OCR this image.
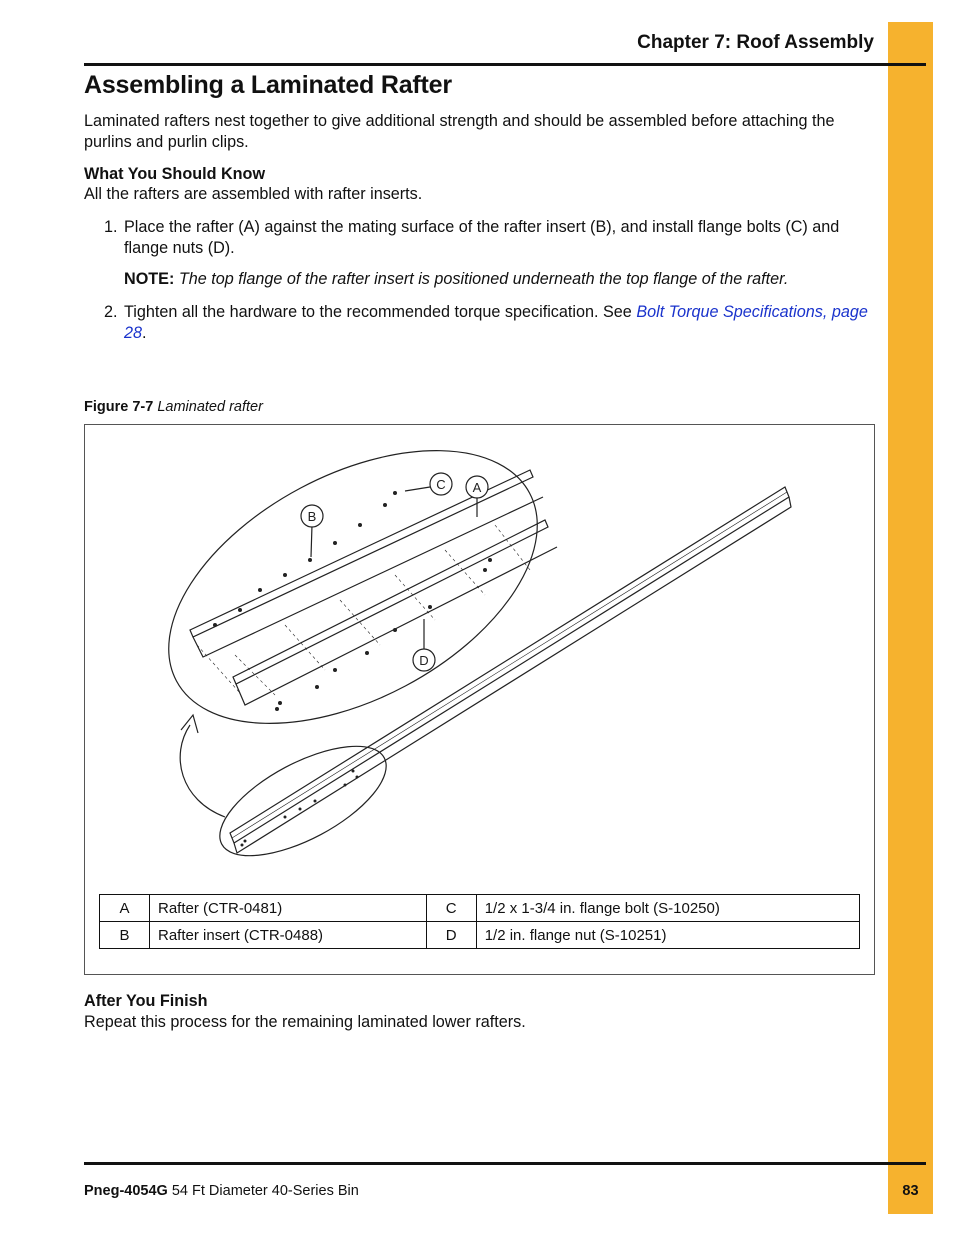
Chapter 7: Roof Assembly
Assembling a Laminated Rafter

Laminated rafters nest together to give additional strength and should be assembled before attaching the purlins and purlin clips.

What You Should Know
All the rafters are assembled with rafter inserts.
1. Place the rafter (A) against the mating surface of the rafter insert (B), and install flange bolts (C) and flange nuts (D).
NOTE: The top flange of the rafter insert is positioned underneath the top flange of the rafter.
2. Tighten all the hardware to the recommended torque specification. See Bolt Torque Specifications, page 28.
Figure 7-7 Laminated rafter
B
C A
D
A	Rafter (CTR-0481)	C	1/2 x 1-3/4 in. flange bolt (S-10250)
B	Rafter insert (CTR-0488)	D	1/2 in. flange nut (S-10251)
After You Finish
Repeat this process for the remaining laminated lower rafters.
Pneg-4054G 54 Ft Diameter 40-Series Bin	83
